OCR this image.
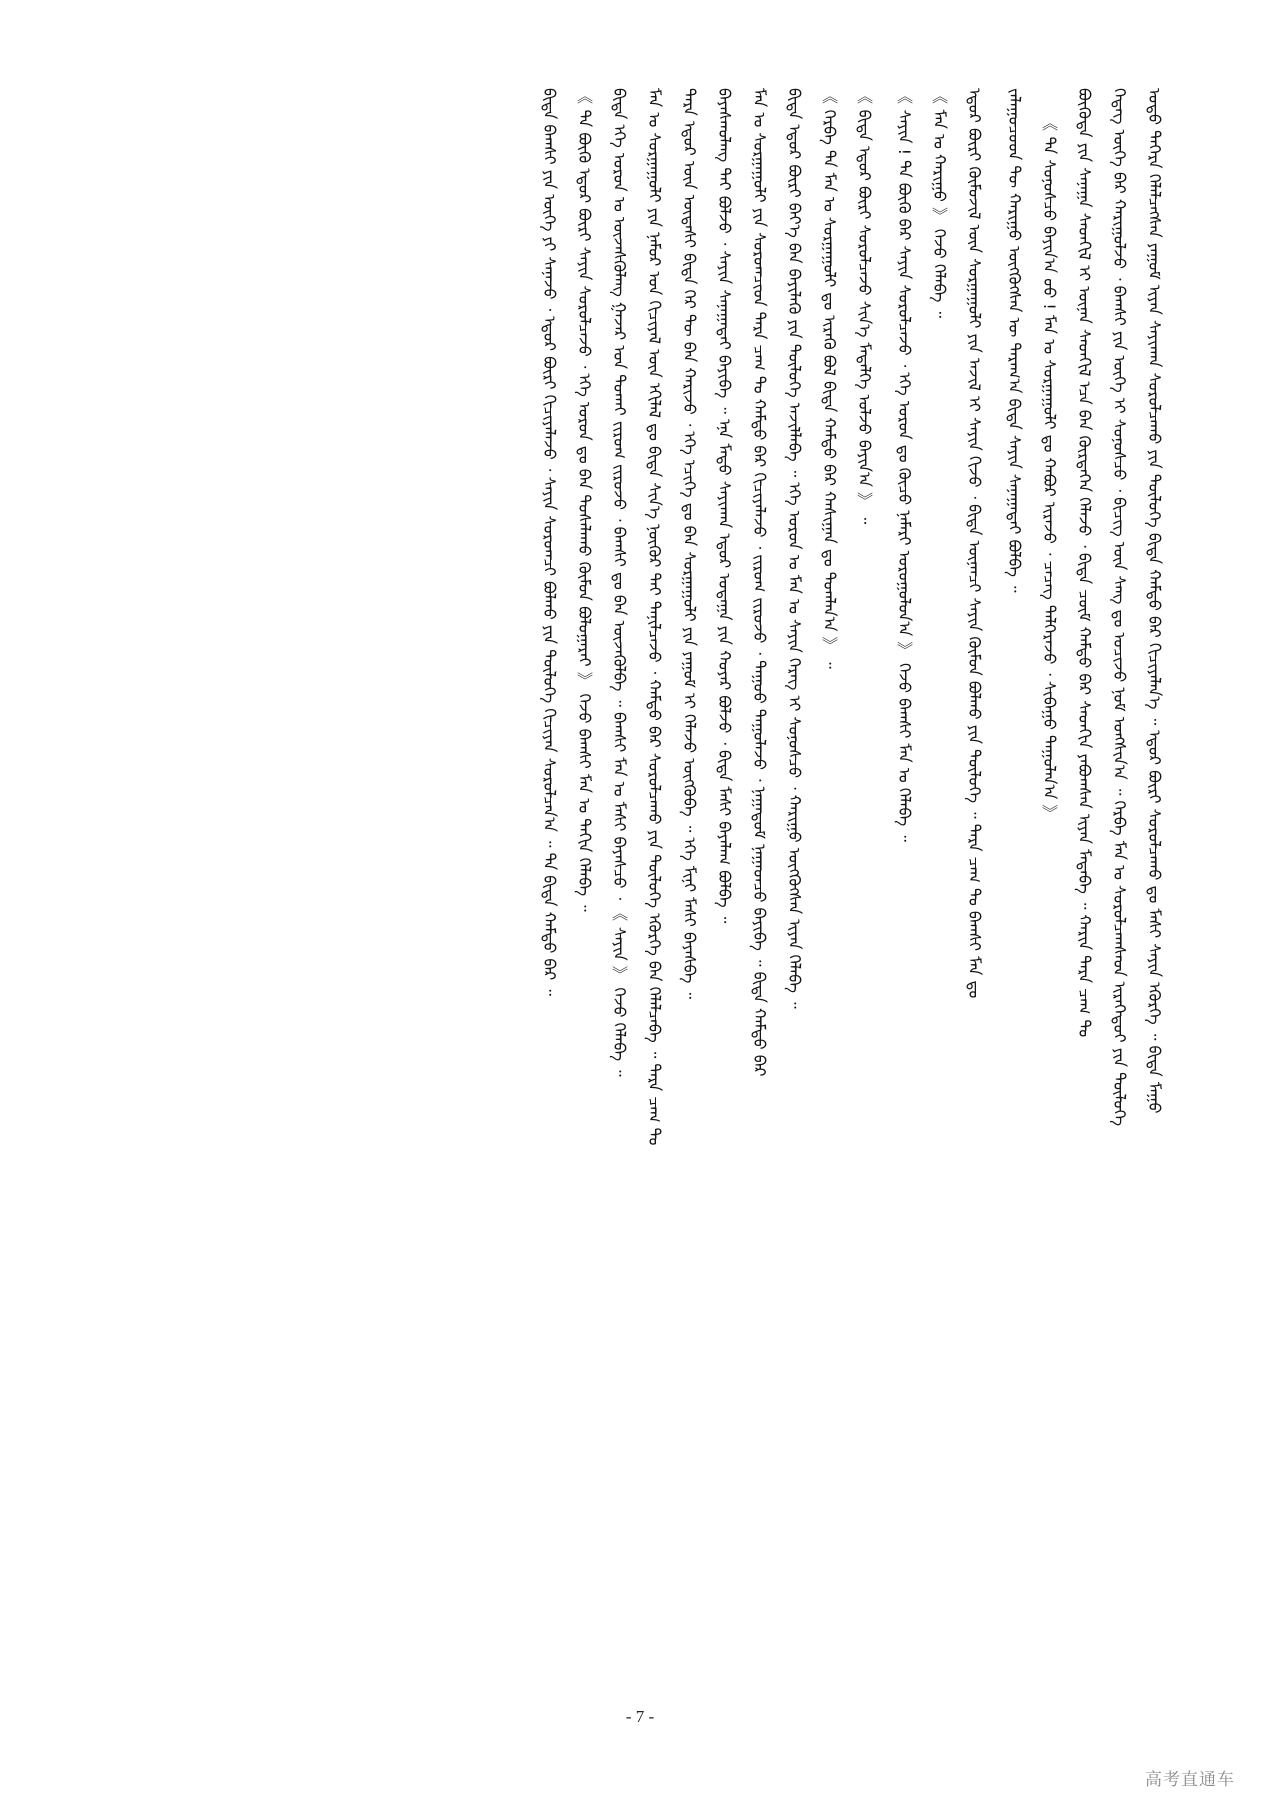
ᠣᠳᠣ ᠳᠡᠭᠡᠷᠡ ᠬᠡᠯᠡᠯᠴᠡᠭᠰᠡᠨ ᠶᠠᠭᠤᠮ ᠢᠶᠠᠨ ᠰᠠᠶᠢᠬᠠᠨ ᠰᠤᠷᠤᠯᠴᠠᠬᠤ ᠶᠢᠨ ᠲᠥᠯᠥᠭᠡ ᠪᠢᠳᠡ ᠬᠠᠮᠲᠤ ᠪᠡᠷ ᠬᠢᠴᠢᠶᠡᠯᠡᠨ᠎ᠡ ᠃ ᠡᠳᠦᠷ ᠪᠦᠷᠢ ᠰᠤᠷᠤᠯᠴᠠᠬᠤ ᠳᠤ ᠮᠠᠰᠢ ᠰᠠᠶᠢᠨ ᠡᠭᠦᠷᠭᠡ ᠃ ᠪᠢᠳᠡ ᠮᠠᠭᠤ
ᠭᠡᠳᠡᠭ ᠦᠭᠡ ᠪᠡᠷ ᠬᠠᠷᠢᠭᠤᠯᠵᠤ ᠂ ᠪᠠᠭᠰᠢ ᠶᠢᠨ ᠦᠭᠡ ᠢ ᠰᠣᠨᠣᠰᠴᠤ ᠂ ᠪᠢᠴᠢᠭ ᠦᠨ ᠰᠠᠩ ᠳᠤ ᠣᠴᠢᠵᠤ ᠨᠣᠮ ᠤᠩᠰᠢᠨ᠎ᠠ ᠃ ᠬᠡᠷᠪᠡ ᠮᠠᠨ ᠤ ᠰᠤᠷᠤᠯᠴᠠᠭᠰᠠᠳ ᠢᠷᠡᠭᠡᠳᠦᠢ ᠶᠢᠨ ᠲᠥᠯᠥᠭᠡ
ᠪᠦᠭᠦᠳᠡ ᠶᠢᠨ ᠰᠠᠨᠠᠭᠠ ᠰᠡᠳᠬᠢᠯ ᠢ ᠦᠨᠡᠨ ᠰᠡᠳᠬᠢᠯ ᠡᠴᠡ ᠪᠠᠨ ᠬᠦᠷᠳᠡᠭᠡᠨ ᠬᠡᠯᠡᠵᠦ ᠂ ᠪᠢᠳᠡ ᠴᠥᠮ ᠬᠠᠮᠲᠤ ᠪᠡᠷ ᠰᠡᠳᠬᠢᠨ ᠶᠠᠪᠤᠭᠰᠠᠨ ᠢᠶᠠᠨ ᠮᠡᠳᠡᠪᠡ ᠃ ᠬᠠᠷᠢᠨ ᠲᠡᠷᠡ ᠴᠠᠭ ᠲᠤ
《 ᠲᠠ ᠰᠣᠨᠣᠰᠴᠤ ᠪᠠᠶᠢᠨ᠎ᠠ ᠤᠤ ! ᠮᠠᠨ ᠤ ᠰᠤᠷᠭᠠᠭᠤᠯᠢ ᠳᠤ ᠬᠠᠪᠤᠷ ᠢᠷᠡᠵᠦ ᠂ ᠴᠡᠴᠡᠭ ᠳᠡᠯᠭᠡᠷᠡᠵᠦ ᠂ ᠰᠢᠪᠠᠭᠤ ᠳᠠᠭᠤᠯᠠᠨ᠎ᠠ 》
ᠵᠠᠯᠠᠭᠤᠴᠤᠳ ᠲᠦ ᠬᠠᠷᠢᠭᠤ ᠥᠭᠭᠦᠭᠰᠡᠨ ᠦ ᠳᠠᠷᠠᠭ᠎ᠠ ᠪᠢᠳᠡ ᠰᠠᠶᠢᠨ ᠰᠠᠨᠠᠭᠠᠲᠠᠶ ᠪᠣᠯᠪᠠ ᠃
ᠡᠳᠦᠷ ᠪᠦᠷᠢ ᠬᠦᠮᠦᠵᠢᠯ ᠦᠨ ᠰᠤᠷᠭᠠᠭᠤᠯᠢ ᠶᠢᠨ ᠠᠵᠢᠯ ᠢ ᠰᠠᠶᠢᠨ ᠬᠢᠵᠦ ᠂ ᠪᠢᠳᠡ ᠦᠨᠡᠨᠴᠢ ᠰᠠᠶᠢᠨ ᠬᠦᠮᠦᠨ ᠪᠣᠯᠬᠤ ᠶᠢᠨ ᠲᠥᠯᠥᠭᠡ ᠃ ᠲᠡᠷᠡ ᠴᠠᠭ ᠲᠤ ᠪᠠᠭᠰᠢ ᠮᠠᠨ ᠳᠤ
《 ᠮᠠᠨ ᠤ ᠬᠠᠷᠢᠭᠤ 》 ᠭᠡᠵᠦ ᠬᠡᠯᠡᠪᠡ ᠃
《 ᠰᠠᠶᠢᠨ ! ᠲᠠ ᠪᠦᠬᠦ ᠪᠡᠷ ᠰᠠᠶᠢᠨ ᠰᠤᠷᠤᠯᠴᠠᠵᠤ ᠂ ᠡᠬᠡ ᠣᠷᠣᠨ ᠳᠤ ᠬᠦᠴᠦ ᠨᠡᠮᠡᠷᠢ ᠣᠷᠣᠭᠤᠯᠤᠨ᠎ᠠ 》 ᠭᠡᠵᠦ ᠪᠠᠭᠰᠢ ᠮᠠᠨ ᠤ ᠬᠡᠯᠡᠪᠡ ᠃
《 ᠪᠢᠳᠡ ᠡᠳᠦᠷ ᠪᠦᠷᠢ ᠰᠤᠷᠤᠯᠴᠠᠵᠤ ᠰᠢᠨ᠎ᠡ ᠮᠡᠳᠡᠯᠭᠡ ᠣᠯᠵᠤ ᠪᠠᠶᠢᠨ᠎ᠠ 》 ᠃
《 ᠬᠡᠷᠪᠡ ᠲᠠ ᠮᠠᠨ ᠤ ᠰᠤᠷᠭᠠᠭᠤᠯᠢ ᠳᠤ ᠢᠷᠡᠬᠦ ᠪᠣᠯ ᠪᠢᠳᠡ ᠬᠠᠮᠲᠤ ᠪᠡᠷ ᠬᠠᠰᠢᠭᠠᠨ ᠳᠤ ᠲᠣᠭᠯᠠᠨ᠎ᠠ 》 ᠃
ᠪᠢᠳᠡ ᠡᠳᠦᠷ ᠪᠦᠷᠢ ᠪᠡᠶ᠎ᠡ ᠪᠡᠨ ᠪᠡᠶᠢᠯᠡᠬᠦ ᠶᠢᠨ ᠲᠥᠯᠥᠭᠡ ᠠᠵᠢᠯᠯᠠᠪᠠ ᠃ ᠡᠬᠡ ᠣᠷᠣᠨ ᠤ ᠮᠠᠨ ᠤ ᠰᠠᠶᠢᠨ ᠬᠡᠷᠡᠭ ᠢ ᠰᠣᠨᠣᠰᠴᠤ ᠂ ᠬᠠᠷᠢᠭᠤ ᠥᠭᠭᠦᠭᠰᠡᠨ ᠢᠶᠡᠨ ᠬᠡᠯᠡᠪᠡ ᠃
ᠮᠠᠨ ᠤ ᠰᠤᠷᠭᠠᠭᠤᠯᠢ ᠶᠢᠨ ᠰᠤᠷᠤᠭᠴᠢᠳ ᠲᠡᠷᠡ ᠴᠠᠭ ᠲᠤ ᠬᠠᠮᠲᠤ ᠪᠡᠷ ᠬᠢᠴᠢᠶᠡᠯᠡᠵᠦ ᠂ ᠵᠢᠷᠤᠭ ᠵᠢᠷᠤᠵᠤ ᠂ ᠳᠠᠭᠤᠤ ᠳᠠᠭᠤᠯᠠᠵᠤ ᠂ ᠨᠠᠭᠠᠳᠤᠮ ᠨᠠᠭᠠᠳᠴᠤ ᠪᠠᠶᠢᠪᠠ ᠃ ᠪᠢᠳᠡ ᠬᠠᠮᠲᠤ ᠪᠡᠷ
ᠪᠠᠶᠠᠰᠬᠤᠯᠠᠩ ᠲᠠᠢ ᠪᠣᠯᠵᠤ ᠂ ᠰᠠᠶᠢᠨ ᠰᠠᠨᠠᠭᠠᠲᠠᠶ ᠪᠠᠶᠢᠪᠠ ᠃ ᠡᠨᠡ ᠮᠡᠲᠦ ᠰᠠᠶᠢᠬᠠᠨ ᠡᠳᠦᠷ ᠤᠳᠠᠭᠠ ᠶᠢᠨ ᠬᠣᠶᠠᠷ ᠪᠣᠯᠵᠤ ᠂ ᠪᠢᠳᠡ ᠮᠠᠰᠢ ᠪᠠᠶᠠᠯᠠᠭ ᠪᠣᠯᠪᠠ ᠃
ᠲᠡᠷᠡ ᠡᠳᠦᠷ ᠦᠨ ᠦᠳᠡᠰᠢ ᠪᠢᠳᠡ ᠭᠡᠷ ᠲᠦ ᠪᠡᠨ ᠬᠠᠷᠢᠵᠤ ᠂ ᠡᠬᠡ ᠡᠴᠢᠭᠡ ᠳᠤ ᠪᠡᠨ ᠰᠤᠷᠭᠠᠭᠤᠯᠢ ᠶᠢᠨ ᠶᠠᠭᠤᠮ ᠢ ᠬᠡᠯᠡᠵᠦ ᠥᠭᠭᠦᠪᠡ ᠃ ᠡᠬᠡ ᠮᠢᠨᠢ ᠮᠠᠰᠢ ᠪᠠᠶᠠᠰᠪᠠ ᠃
ᠮᠠᠨ ᠤ ᠰᠤᠷᠭᠠᠭᠤᠯᠢ ᠶᠢᠨ ᠨᠠᠮᠤᠷ ᠤᠨ ᠬᠢᠴᠢᠶᠡᠯ ᠦᠨ ᠡᠬᠢᠯᠡᠯ ᠳᠤ ᠪᠢᠳᠡ ᠰᠢᠨ᠎ᠡ ᠨᠥᠬᠦᠷ ᠲᠡᠢ ᠲᠠᠨᠢᠯᠴᠠᠵᠤ ᠂ ᠬᠠᠮᠲᠤ ᠪᠡᠷ ᠰᠤᠷᠤᠯᠴᠠᠬᠤ ᠶᠢᠨ ᠲᠥᠯᠥᠭᠡ ᠡᠭᠦᠷᠭᠡ ᠪᠠᠨ ᠬᠡᠯᠡᠯᠴᠡᠪᠡ ᠃ ᠲᠡᠷᠡ ᠴᠠᠭ ᠲᠤ
ᠪᠢᠳᠡ ᠡᠬᠡ ᠣᠷᠣᠨ ᠤ ᠦᠵᠡᠰᠬᠦᠯᠡᠩ ᠭᠠᠵᠠᠷ ᠤᠨ ᠲᠤᠬᠠᠢ ᠵᠢᠷᠤᠭ ᠵᠢᠷᠤᠵᠤ ᠂ ᠪᠠᠭᠰᠢ ᠳᠤ ᠪᠡᠨ ᠦᠵᠡᠭᠦᠯᠪᠡ ᠃ ᠪᠠᠭᠰᠢ ᠮᠠᠨ ᠤ ᠮᠠᠰᠢ ᠪᠠᠶᠠᠰᠴᠤ ᠂ 《 ᠰᠠᠶᠢᠨ 》 ᠭᠡᠵᠦ ᠬᠡᠯᠡᠪᠡ ᠃
《 ᠲᠠ ᠪᠦᠬᠦ ᠡᠳᠦᠷ ᠪᠦᠷᠢ ᠰᠠᠶᠢᠨ ᠰᠤᠷᠤᠯᠴᠠᠵᠤ ᠂ ᠡᠬᠡ ᠣᠷᠣᠨ ᠳᠤ ᠪᠠᠨ ᠲᠤᠰᠠᠯᠠᠬᠤ ᠬᠦᠮᠦᠨ ᠪᠣᠯᠤᠭᠠᠷᠠᠶ 》 ᠭᠡᠵᠦ ᠪᠠᠭᠰᠢ ᠮᠠᠨ ᠤ ᠳᠠᠬᠢᠨ ᠬᠡᠯᠡᠪᠡ ᠃
ᠪᠢᠳᠡ ᠪᠠᠭᠰᠢ ᠶᠢᠨ ᠦᠭᠡ ᠶᠢ ᠰᠠᠨᠠᠵᠤ ᠂ ᠡᠳᠦᠷ ᠪᠦᠷᠢ ᠬᠢᠴᠢᠶᠡᠯᠡᠵᠦ ᠂ ᠰᠠᠶᠢᠨ ᠰᠤᠷᠤᠭᠴᠢ ᠪᠣᠯᠬᠤ ᠶᠢᠨ ᠲᠥᠯᠥᠭᠡ ᠬᠢᠴᠢᠶᠡᠨ ᠰᠤᠷᠤᠯᠴᠠᠨ᠎ᠠ ᠃ ᠲᠠ ᠪᠢᠳᠡ ᠬᠠᠮᠲᠤ ᠪᠡᠷ ᠃
- 7 -
高考直通车
